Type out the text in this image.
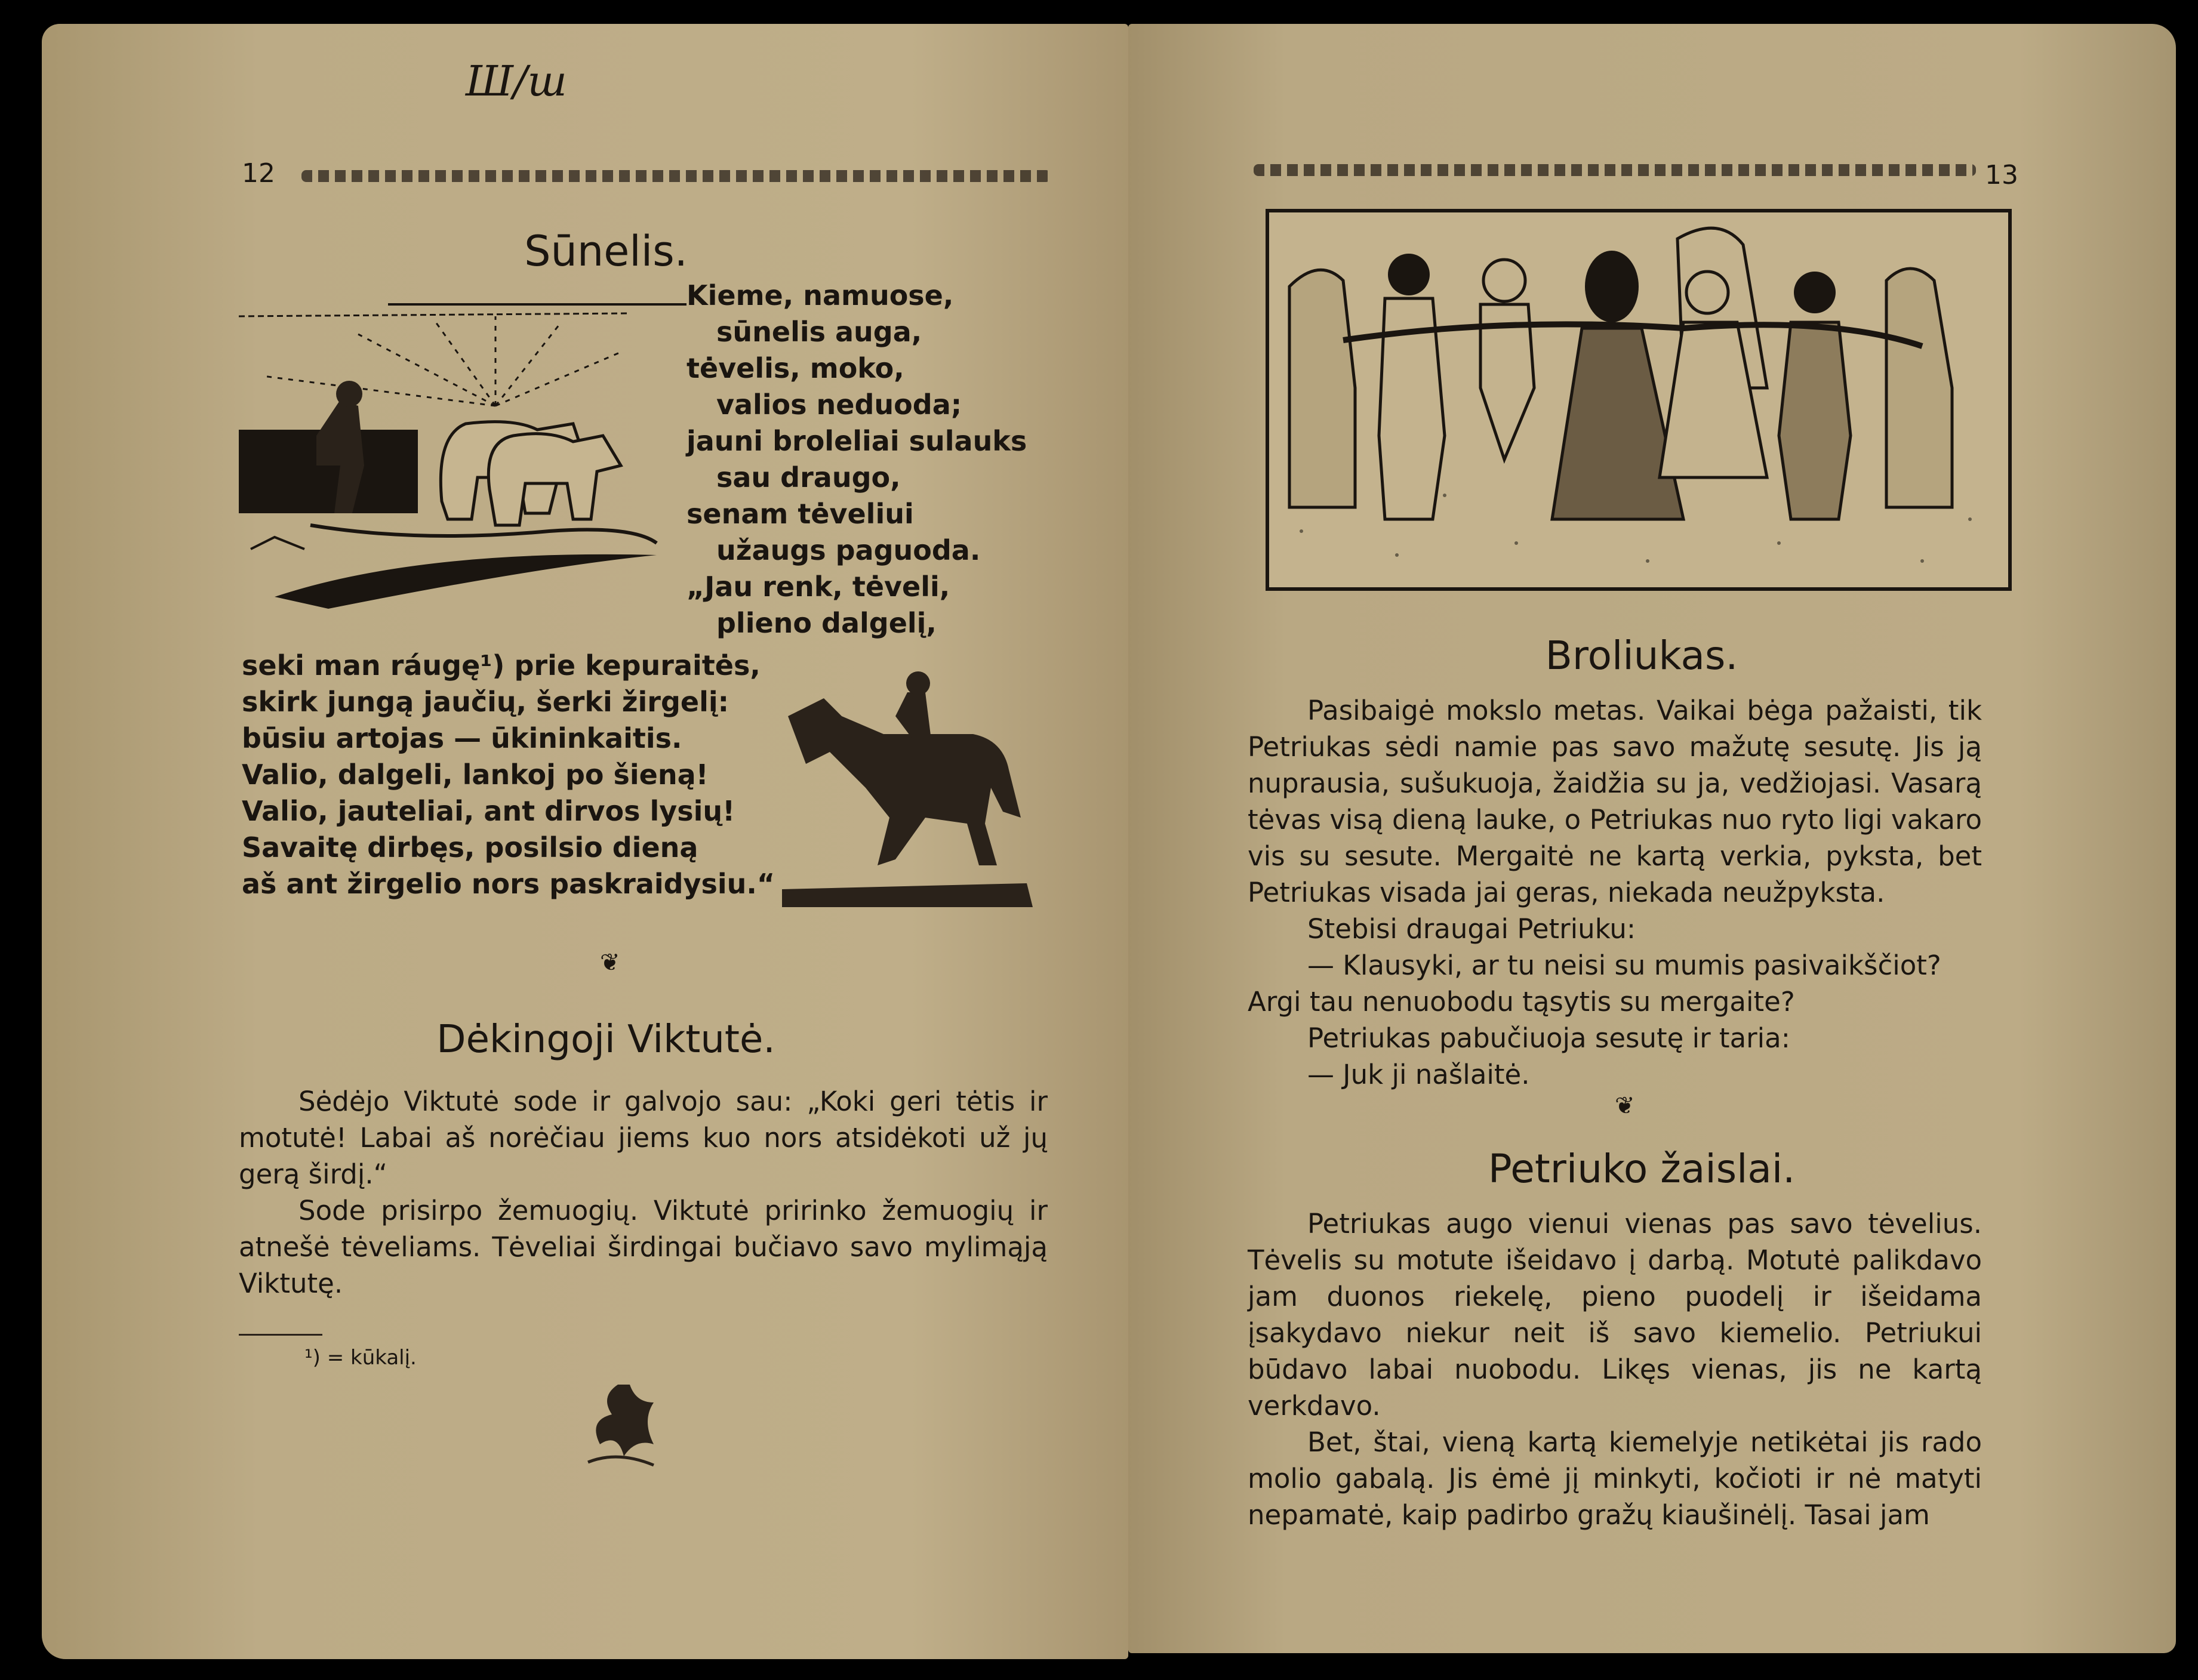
Ш/ш
12
Sūnelis.
Kieme, namuose,
sūnelis auga,
tėvelis, moko,
valios neduoda;
jauni broleliai sulauks
sau draugo,
senam tėveliui
užaugs paguoda.
„Jau renk, tėveli,
plieno dalgelį,
seki man ráugę¹) prie kepuraitės,
skirk jungą jaučių, šerki žirgelį:
būsiu artojas — ūkininkaitis.
Valio, dalgeli, lankoj po šieną!
Valio, jauteliai, ant dirvos lysių!
Savaitę dirbęs, posilsio dieną
aš ant žirgelio nors paskraidysiu.“
❦
Dėkingoji Viktutė.

Sėdėjo Viktutė sode ir galvojo sau: „Koki geri tėtis ir motutė! Labai aš norėčiau jiems kuo nors atsidėkoti už jų gerą širdį.“

Sode prisirpo žemuogių. Viktutė pririnko žemuogių ir atnešė tėveliams. Tėveliai širdingai bučiavo savo mylimąją Viktutę.

¹) = kūkalį.
13
Broliukas.

Pasibaigė mokslo metas. Vaikai bėga pažaisti, tik Petriukas sėdi namie pas savo mažutę sesutę. Jis ją nuprausia, sušukuoja, žaidžia su ja, vedžiojasi. Vasarą tėvas visą dieną lauke, o Petriukas nuo ryto ligi vakaro vis su sesute. Mergaitė ne kartą verkia, pyksta, bet Petriukas visada jai geras, niekada neužpyksta.

Stebisi draugai Petriuku:

— Klausyki, ar tu neisi su mumis pasivaikščiot?

Argi tau nenuobodu tąsytis su mergaite?

Petriukas pabučiuoja sesutę ir taria:

— Juk ji našlaitė.

❦
Petriuko žaislai.

Petriukas augo vienui vienas pas savo tėvelius. Tėvelis su motute išeidavo į darbą. Motutė palikdavo jam duonos riekelę, pieno puodelį ir išeidama įsakydavo niekur neit iš savo kiemelio. Petriukui būdavo labai nuobodu. Likęs vienas, jis ne kartą verkdavo.

Bet, štai, vieną kartą kiemelyje netikėtai jis rado molio gabalą. Jis ėmė jį minkyti, kočioti ir nė matyti nepamatė, kaip padirbo gražų kiaušinėlį. Tasai jam
